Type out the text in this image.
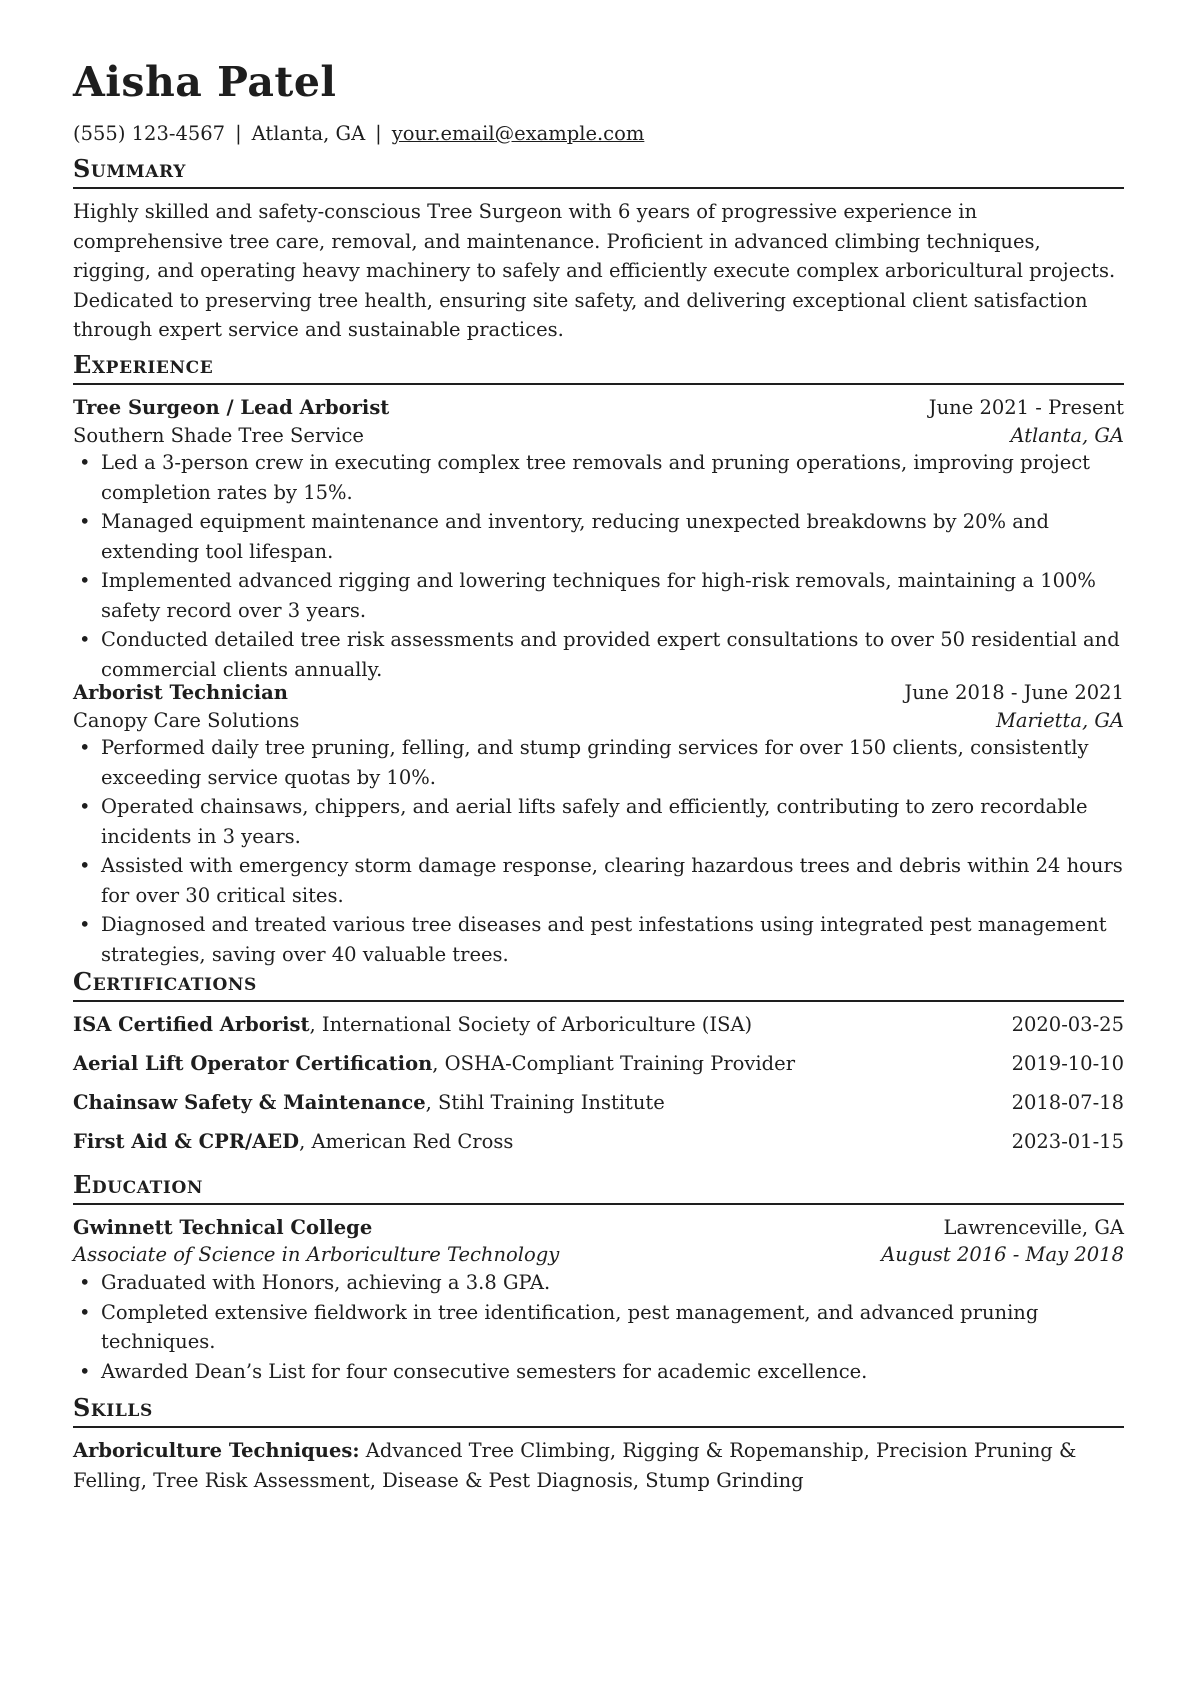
Aisha Patel
(555) 123-4567 | Atlanta, GA | your.email@example.com
Summary
Highly skilled and safety-conscious Tree Surgeon with 6 years of progressive experience in comprehensive tree care, removal, and maintenance. Proficient in advanced climbing techniques, rigging, and operating heavy machinery to safely and efficiently execute complex arboricultural projects. Dedicated to preserving tree health, ensuring site safety, and delivering exceptional client satisfaction through expert service and sustainable practices.
Experience
Tree Surgeon / Lead Arborist	June 2021 - Present
Southern Shade Tree Service	Atlanta, GA
• Led a 3-person crew in executing complex tree removals and pruning operations, improving project completion rates by 15%.
• Managed equipment maintenance and inventory, reducing unexpected breakdowns by 20% and extending tool lifespan.
• Implemented advanced rigging and lowering techniques for high-risk removals, maintaining a 100% safety record over 3 years.
• Conducted detailed tree risk assessments and provided expert consultations to over 50 residential and commercial clients annually.
Arborist Technician	June 2018 - June 2021
Canopy Care Solutions	Marietta, GA
• Performed daily tree pruning, felling, and stump grinding services for over 150 clients, consistently exceeding service quotas by 10%.
• Operated chainsaws, chippers, and aerial lifts safely and efficiently, contributing to zero recordable incidents in 3 years.
• Assisted with emergency storm damage response, clearing hazardous trees and debris within 24 hours for over 30 critical sites.
• Diagnosed and treated various tree diseases and pest infestations using integrated pest management strategies, saving over 40 valuable trees.
Certifications
ISA Certified Arborist, International Society of Arboriculture (ISA)	2020-03-25
Aerial Lift Operator Certification, OSHA-Compliant Training Provider	2019-10-10
Chainsaw Safety & Maintenance, Stihl Training Institute	2018-07-18
First Aid & CPR/AED, American Red Cross	2023-01-15
Education
Gwinnett Technical College	Lawrenceville, GA
Associate of Science in Arboriculture Technology	August 2016 - May 2018
• Graduated with Honors, achieving a 3.8 GPA.
• Completed extensive fieldwork in tree identification, pest management, and advanced pruning techniques.
• Awarded Dean’s List for four consecutive semesters for academic excellence.
Skills
Arboriculture Techniques: Advanced Tree Climbing, Rigging & Ropemanship, Precision Pruning & Felling, Tree Risk Assessment, Disease & Pest Diagnosis, Stump Grinding
